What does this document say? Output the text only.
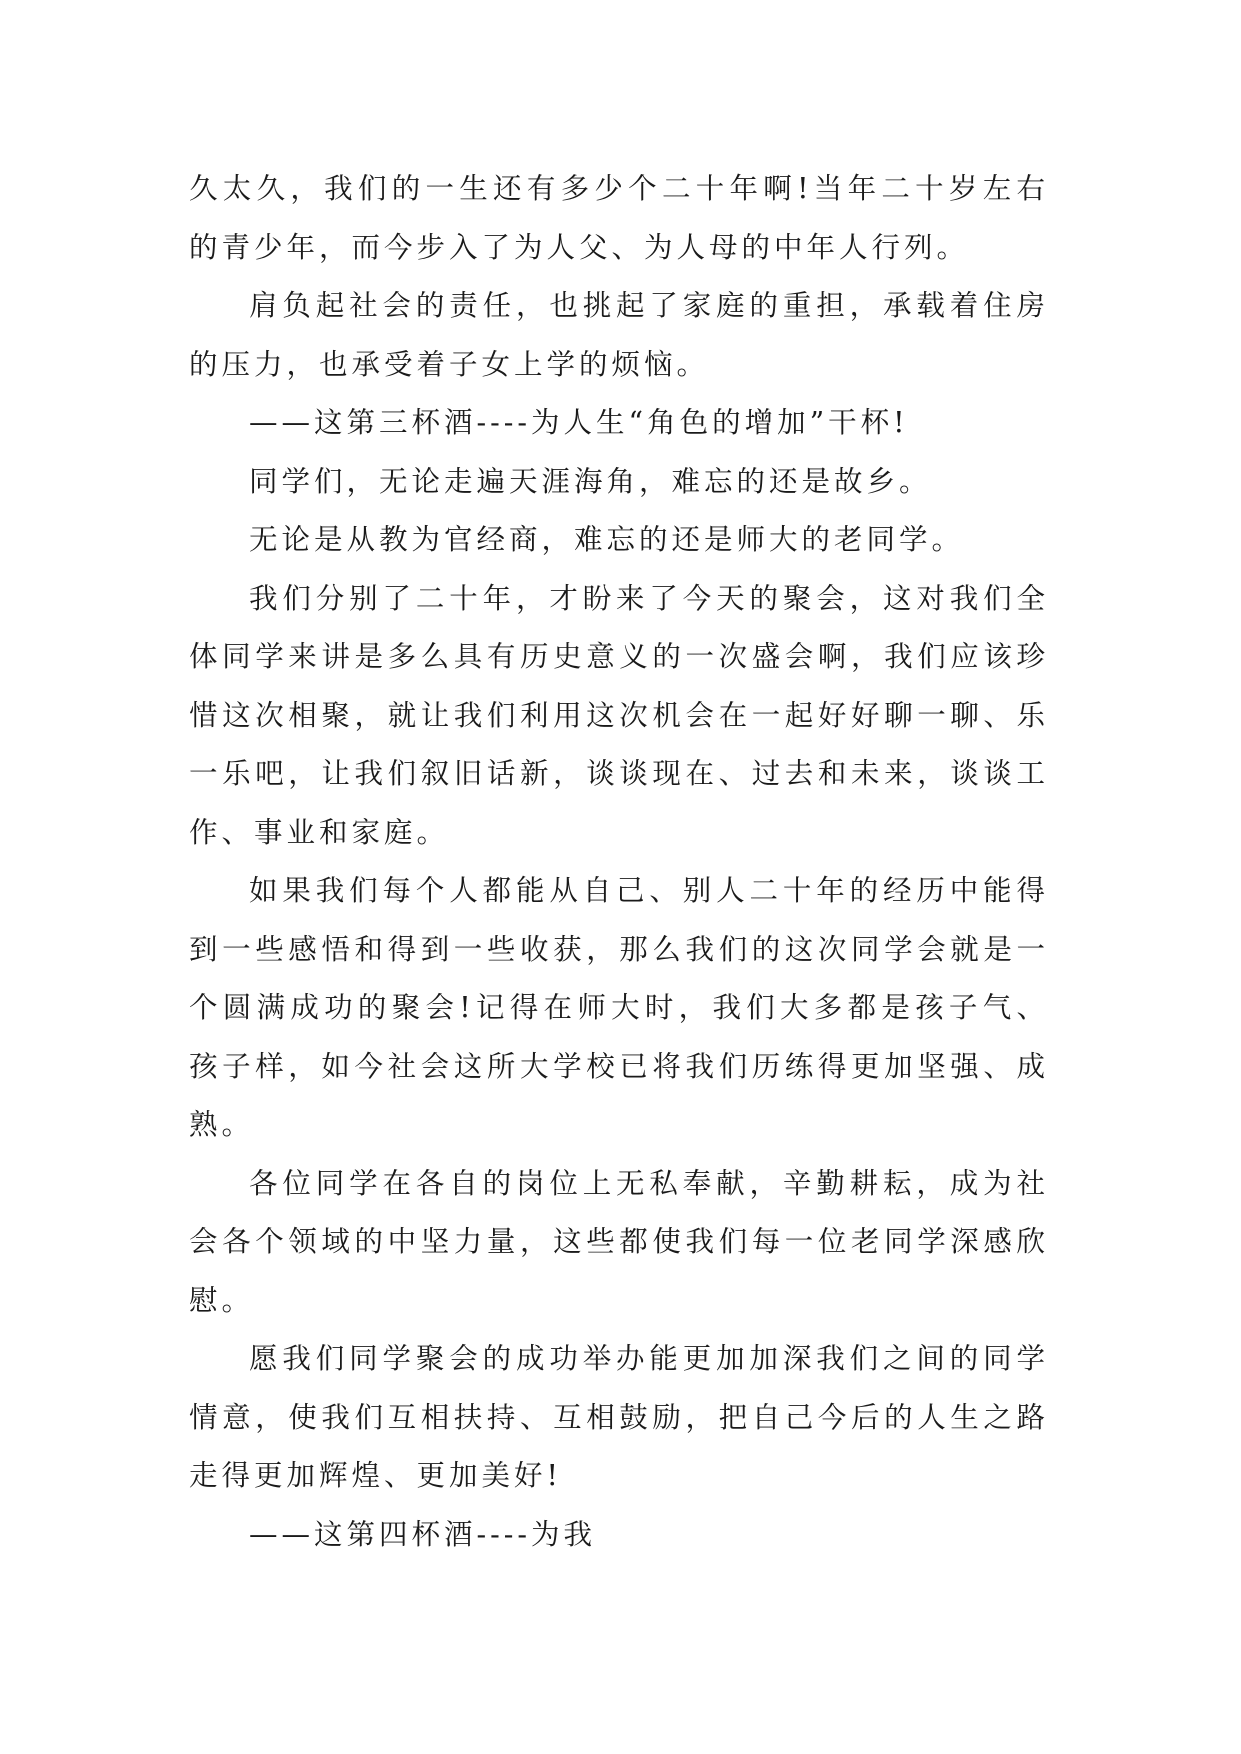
久太久，我们的一生还有多少个二十年啊!当年二十岁左右的青少年，而今步入了为人父、为人母的中年人行列。

肩负起社会的责任，也挑起了家庭的重担，承载着住房的压力，也承受着子女上学的烦恼。

——这第三杯酒----为人生“角色的增加”干杯!

同学们，无论走遍天涯海角，难忘的还是故乡。

无论是从教为官经商，难忘的还是师大的老同学。

我们分别了二十年，才盼来了今天的聚会，这对我们全体同学来讲是多么具有历史意义的一次盛会啊，我们应该珍惜这次相聚，就让我们利用这次机会在一起好好聊一聊、乐一乐吧，让我们叙旧话新，谈谈现在、过去和未来，谈谈工作、事业和家庭。

如果我们每个人都能从自己、别人二十年的经历中能得到一些感悟和得到一些收获，那么我们的这次同学会就是一个圆满成功的聚会!记得在师大时，我们大多都是孩子气、孩子样，如今社会这所大学校已将我们历练得更加坚强、成熟。

各位同学在各自的岗位上无私奉献，辛勤耕耘，成为社会各个领域的中坚力量，这些都使我们每一位老同学深感欣慰。

愿我们同学聚会的成功举办能更加加深我们之间的同学情意，使我们互相扶持、互相鼓励，把自己今后的人生之路走得更加辉煌、更加美好!

——这第四杯酒----为我
